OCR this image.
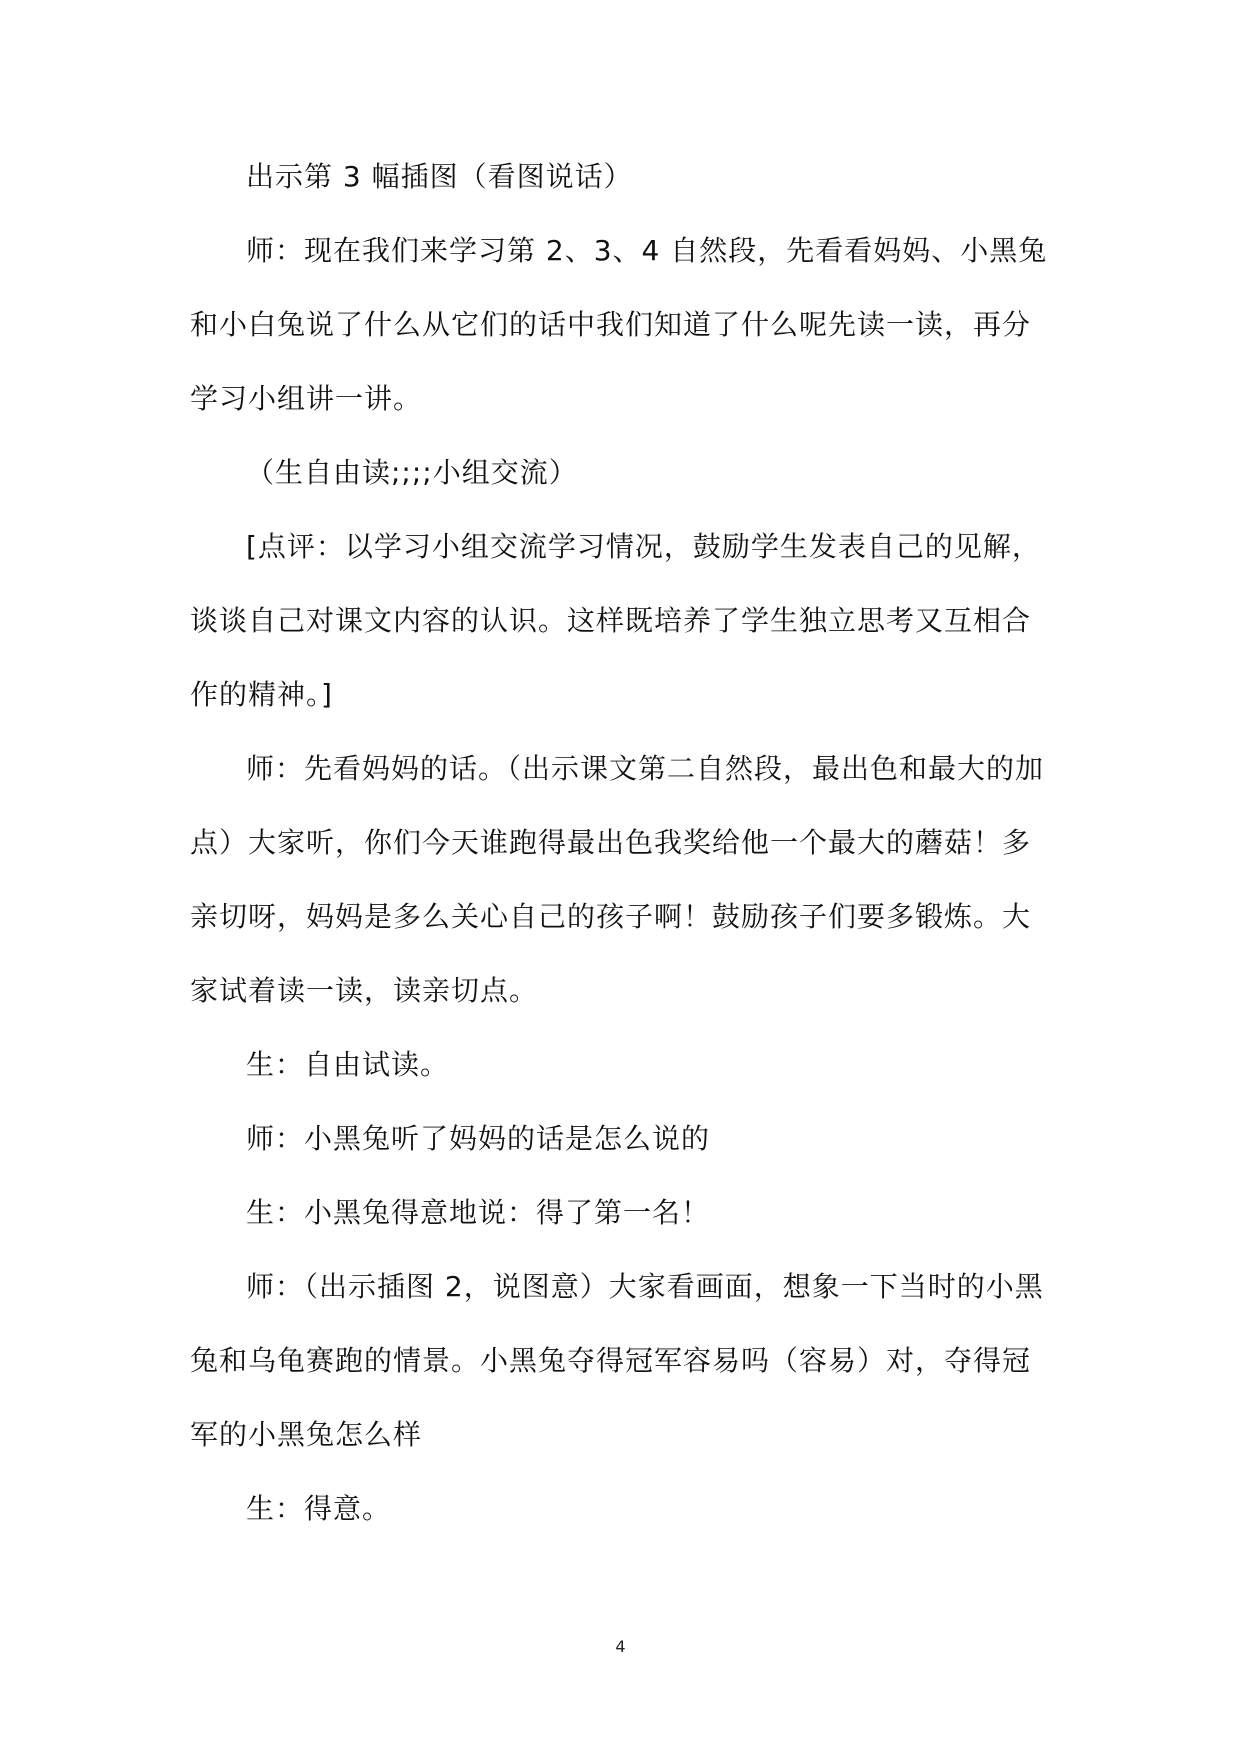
出示第 3 幅插图（看图说话）

师：现在我们来学习第 2、3、4 自然段，先看看妈妈、小黑兔和小白兔说了什么从它们的话中我们知道了什么呢先读一读，再分学习小组讲一讲。

（生自由读;;;;小组交流）

[点评：以学习小组交流学习情况，鼓励学生发表自己的见解，谈谈自己对课文内容的认识。这样既培养了学生独立思考又互相合作的精神。]

师：先看妈妈的话。（出示课文第二自然段，最出色和最大的加点）大家听，你们今天谁跑得最出色我奖给他一个最大的蘑菇！多亲切呀，妈妈是多么关心自己的孩子啊！鼓励孩子们要多锻炼。大家试着读一读，读亲切点。

生：自由试读。

师：小黑兔听了妈妈的话是怎么说的

生：小黑兔得意地说：得了第一名！

师：（出示插图 2，说图意）大家看画面，想象一下当时的小黑兔和乌龟赛跑的情景。小黑兔夺得冠军容易吗（容易）对，夺得冠军的小黑兔怎么样

生：得意。

4
